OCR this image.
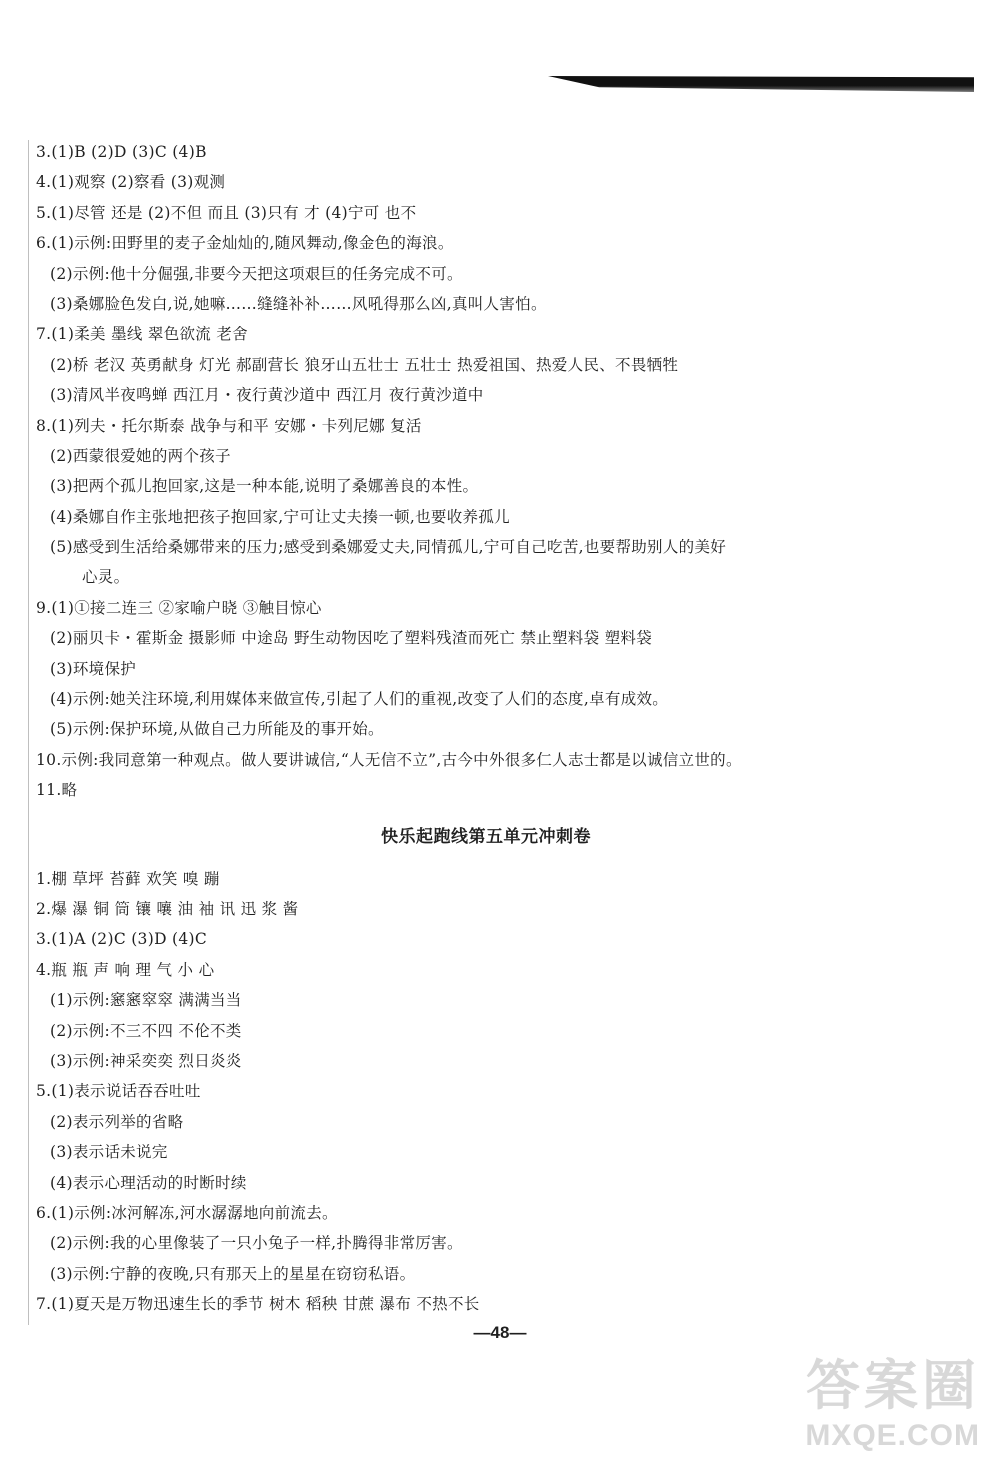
3.(1)B (2)D (3)C (4)B
4.(1)观察 (2)察看 (3)观测
5.(1)尽管 还是 (2)不但 而且 (3)只有 才 (4)宁可 也不
6.(1)示例:田野里的麦子金灿灿的,随风舞动,像金色的海浪。
(2)示例:他十分倔强,非要今天把这项艰巨的任务完成不可。
(3)桑娜脸色发白,说,她嘛……缝缝补补……风吼得那么凶,真叫人害怕。
7.(1)柔美 墨线 翠色欲流 老舍
(2)桥 老汉 英勇献身 灯光 郝副营长 狼牙山五壮士 五壮士 热爱祖国、热爱人民、不畏牺牲
(3)清风半夜鸣蝉 西江月・夜行黄沙道中 西江月 夜行黄沙道中
8.(1)列夫・托尔斯泰 战争与和平 安娜・卡列尼娜 复活
(2)西蒙很爱她的两个孩子
(3)把两个孤儿抱回家,这是一种本能,说明了桑娜善良的本性。
(4)桑娜自作主张地把孩子抱回家,宁可让丈夫揍一顿,也要收养孤儿
(5)感受到生活给桑娜带来的压力;感受到桑娜爱丈夫,同情孤儿,宁可自己吃苦,也要帮助别人的美好
心灵。
9.(1)①接二连三 ②家喻户晓 ③触目惊心
(2)丽贝卡・霍斯金 摄影师 中途岛 野生动物因吃了塑料残渣而死亡 禁止塑料袋 塑料袋
(3)环境保护
(4)示例:她关注环境,利用媒体来做宣传,引起了人们的重视,改变了人们的态度,卓有成效。
(5)示例:保护环境,从做自己力所能及的事开始。
10.示例:我同意第一种观点。做人要讲诚信,“人无信不立”,古今中外很多仁人志士都是以诚信立世的。
11.略
快乐起跑线第五单元冲刺卷
1.棚 草坪 苔藓 欢笑 嗅 蹦
2.爆 瀑 铜 筒 镶 嚷 油 袖 讯 迅 浆 酱
3.(1)A (2)C (3)D (4)C
4.瓶 瓶 声 响 理 气 小 心
(1)示例:窸窸窣窣 满满当当
(2)示例:不三不四 不伦不类
(3)示例:神采奕奕 烈日炎炎
5.(1)表示说话吞吞吐吐
(2)表示列举的省略
(3)表示话未说完
(4)表示心理活动的时断时续
6.(1)示例:冰河解冻,河水潺潺地向前流去。
(2)示例:我的心里像装了一只小兔子一样,扑腾得非常厉害。
(3)示例:宁静的夜晚,只有那天上的星星在窃窃私语。
7.(1)夏天是万物迅速生长的季节 树木 稻秧 甘蔗 瀑布 不热不长
—48—
答案圈
MXQE.COM
